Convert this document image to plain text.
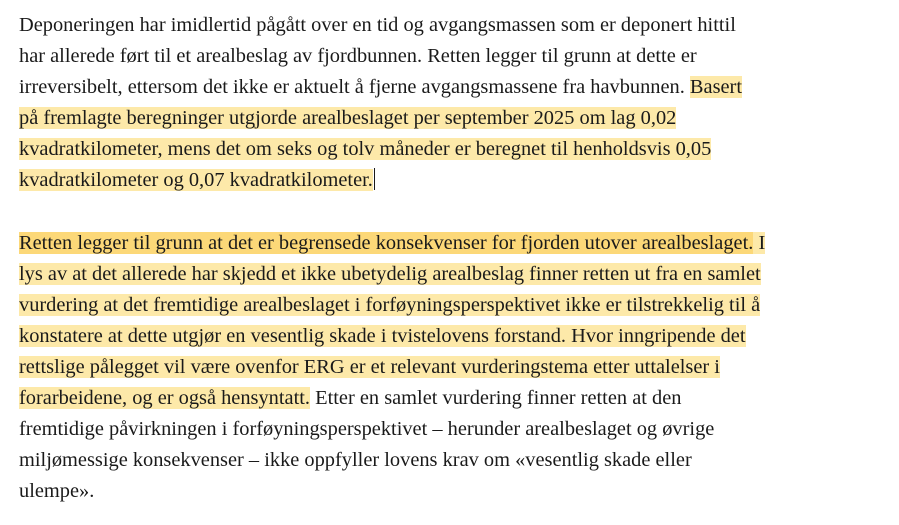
Deponeringen har imidlertid pågått over en tid og avgangsmassen som er deponert hittil
har allerede ført til et arealbeslag av fjordbunnen. Retten legger til grunn at dette er
irreversibelt, ettersom det ikke er aktuelt å fjerne avgangsmassene fra havbunnen. Basert
på fremlagte beregninger utgjorde arealbeslaget per september 2025 om lag 0,02
kvadratkilometer, mens det om seks og tolv måneder er beregnet til henholdsvis 0,05
kvadratkilometer og 0,07 kvadratkilometer.
Retten legger til grunn at det er begrensede konsekvenser for fjorden utover arealbeslaget. I
lys av at det allerede har skjedd et ikke ubetydelig arealbeslag finner retten ut fra en samlet
vurdering at det fremtidige arealbeslaget i forføyningsperspektivet ikke er tilstrekkelig til å
konstatere at dette utgjør en vesentlig skade i tvistelovens forstand. Hvor inngripende det
rettslige pålegget vil være ovenfor ERG er et relevant vurderingstema etter uttalelser i
forarbeidene, og er også hensyntatt. Etter en samlet vurdering finner retten at den
fremtidige påvirkningen i forføyningsperspektivet – herunder arealbeslaget og øvrige
miljømessige konsekvenser – ikke oppfyller lovens krav om «vesentlig skade eller
ulempe».
